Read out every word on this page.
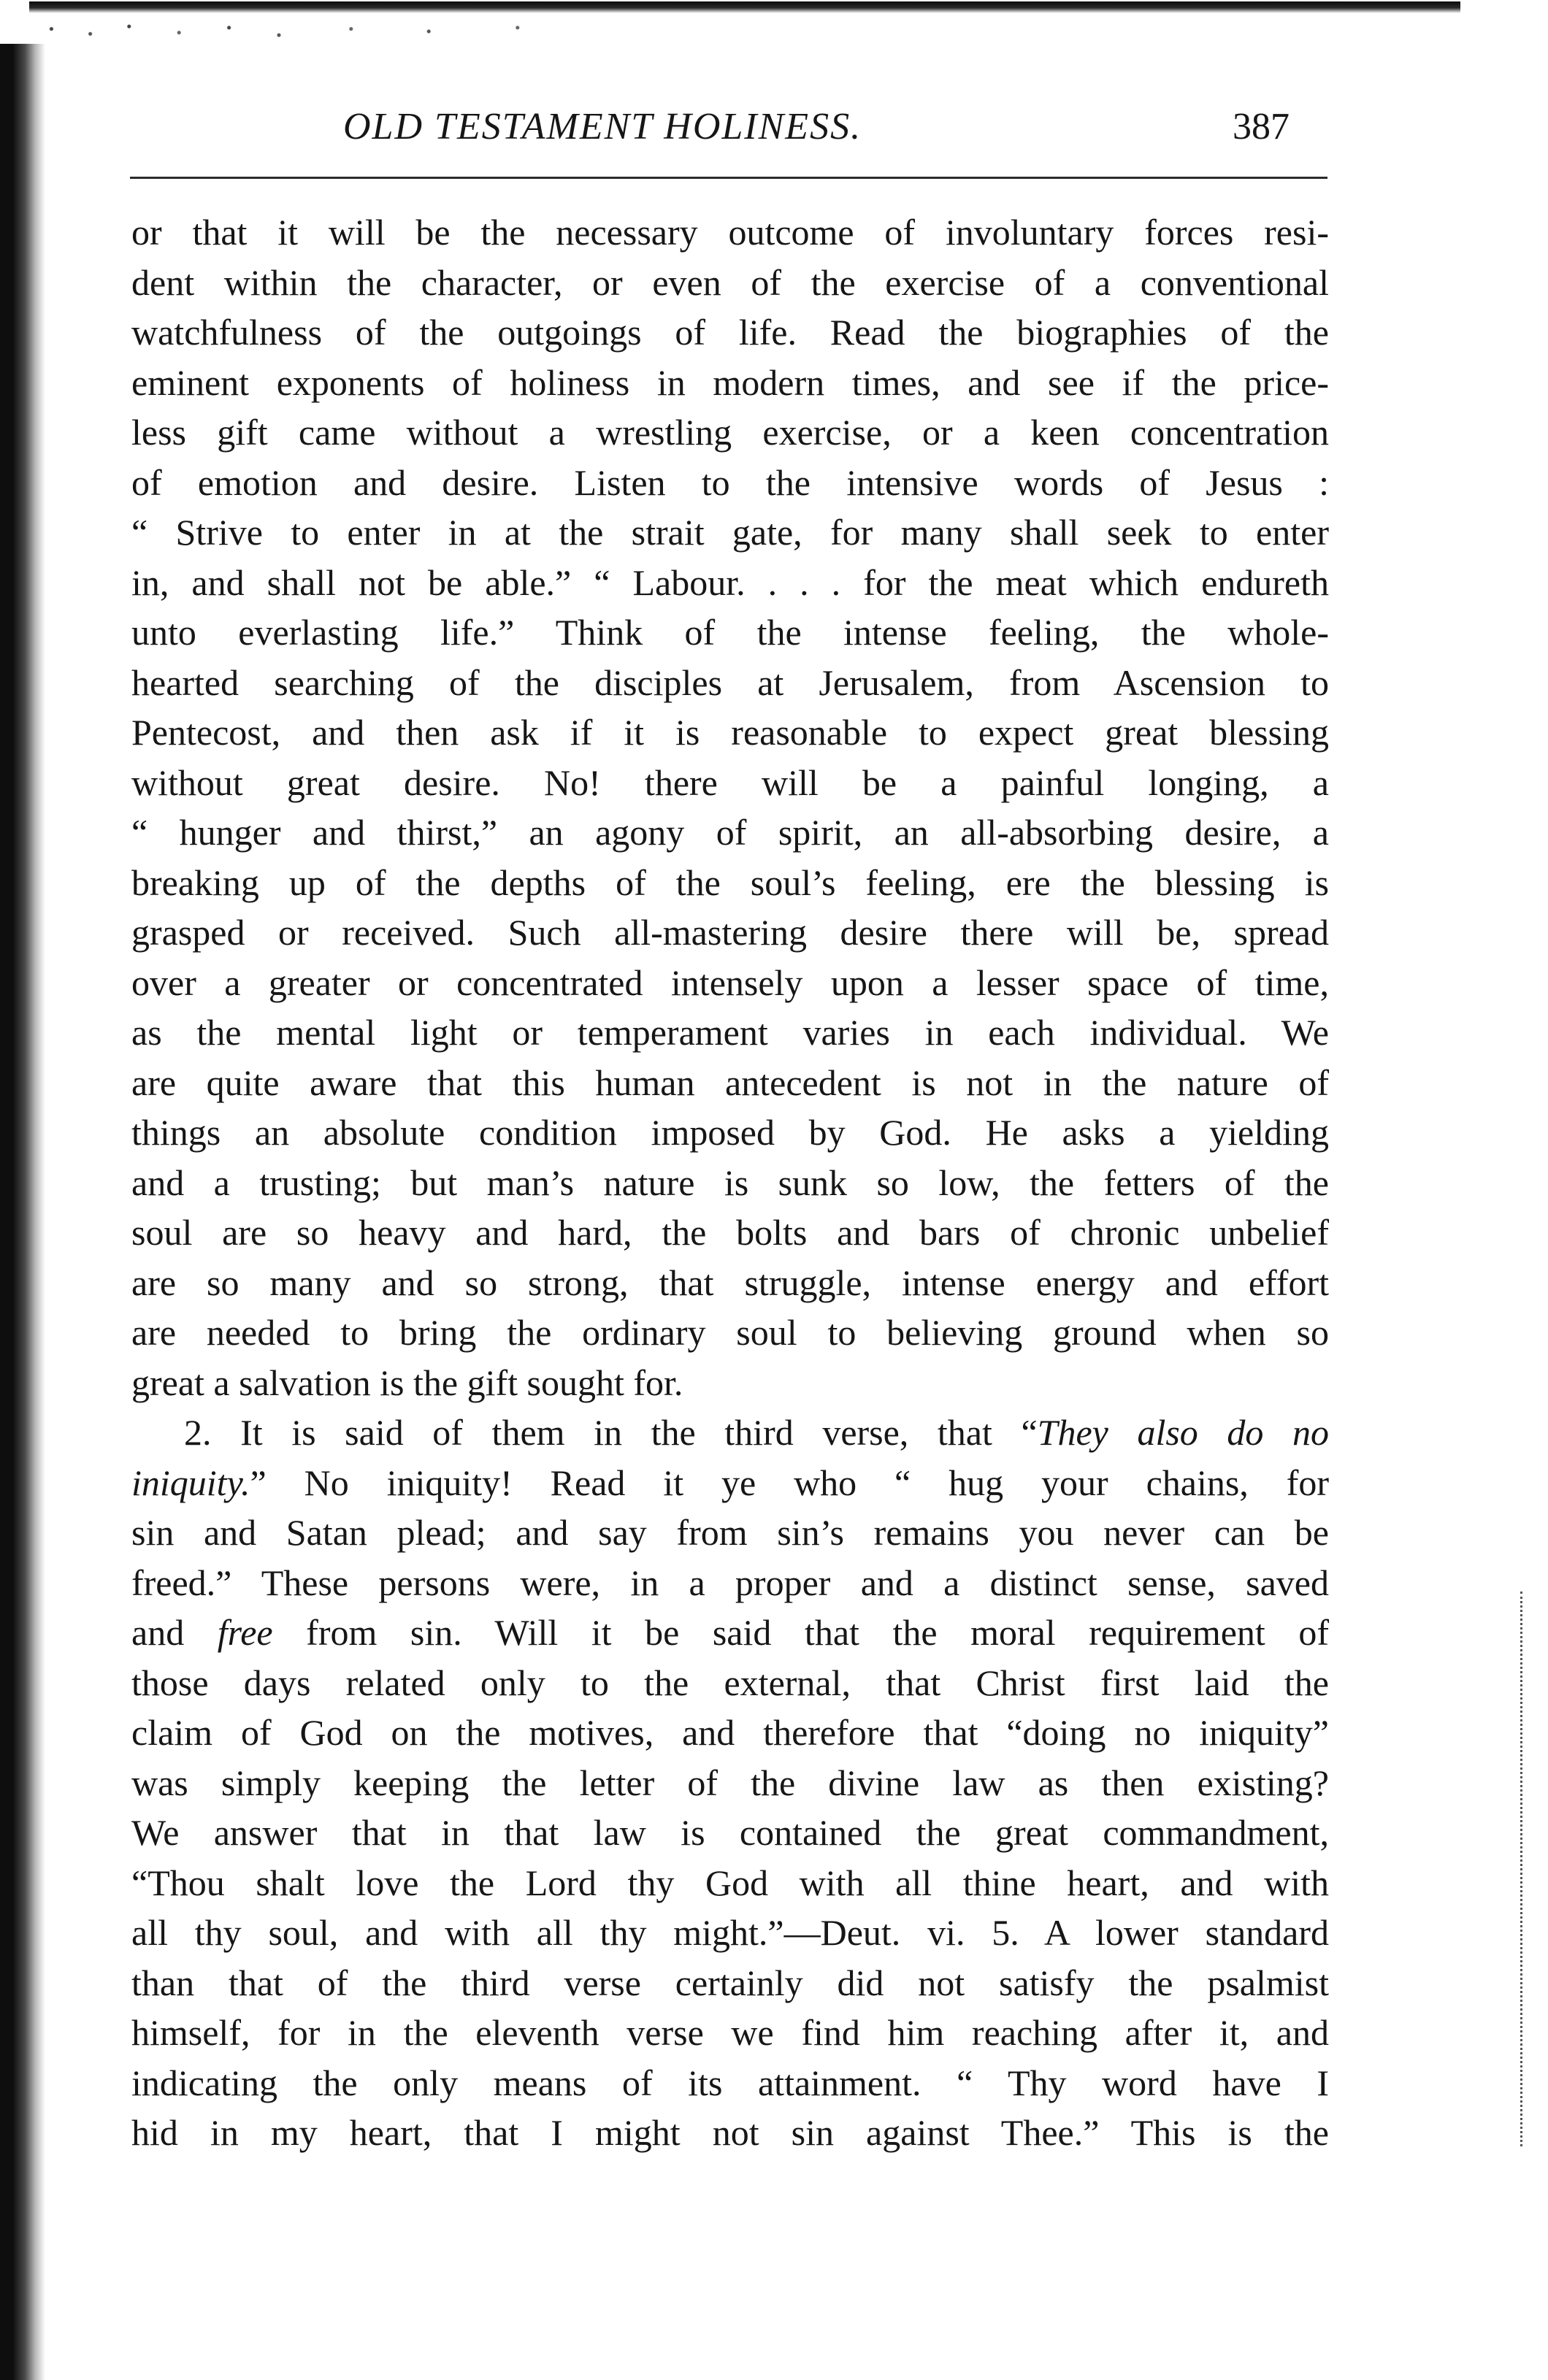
OLD TESTAMENT HOLINESS.	387
or that it will be the necessary outcome of involuntary forces resi-
dent within the character, or even of the exercise of a conventional
watchfulness of the outgoings of life. Read the biographies of the
eminent exponents of holiness in modern times, and see if the price-
less gift came without a wrestling exercise, or a keen concentration
of emotion and desire. Listen to the intensive words of Jesus :
“ Strive to enter in at the strait gate, for many shall seek to enter
in, and shall not be able.” “ Labour. . . . for the meat which endureth
unto everlasting life.” Think of the intense feeling, the whole-
hearted searching of the disciples at Jerusalem, from Ascension to
Pentecost, and then ask if it is reasonable to expect great blessing
without great desire. No! there will be a painful longing, a
“ hunger and thirst,” an agony of spirit, an all-absorbing desire, a
breaking up of the depths of the soul’s feeling, ere the blessing is
grasped or received. Such all-mastering desire there will be, spread
over a greater or concentrated intensely upon a lesser space of time,
as the mental light or temperament varies in each individual. We
are quite aware that this human antecedent is not in the nature of
things an absolute condition imposed by God. He asks a yielding
and a trusting; but man’s nature is sunk so low, the fetters of the
soul are so heavy and hard, the bolts and bars of chronic unbelief
are so many and so strong, that struggle, intense energy and effort
are needed to bring the ordinary soul to believing ground when so
great a salvation is the gift sought for.
2. It is said of them in the third verse, that “They also do no
iniquity.” No iniquity! Read it ye who “ hug your chains, for
sin and Satan plead; and say from sin’s remains you never can be
freed.” These persons were, in a proper and a distinct sense, saved
and free from sin. Will it be said that the moral requirement of
those days related only to the external, that Christ first laid the
claim of God on the motives, and therefore that “doing no iniquity”
was simply keeping the letter of the divine law as then existing?
We answer that in that law is contained the great commandment,
“Thou shalt love the Lord thy God with all thine heart, and with
all thy soul, and with all thy might.”—Deut. vi. 5. A lower standard
than that of the third verse certainly did not satisfy the psalmist
himself, for in the eleventh verse we find him reaching after it, and
indicating the only means of its attainment. “ Thy word have I
hid in my heart, that I might not sin against Thee.” This is the
